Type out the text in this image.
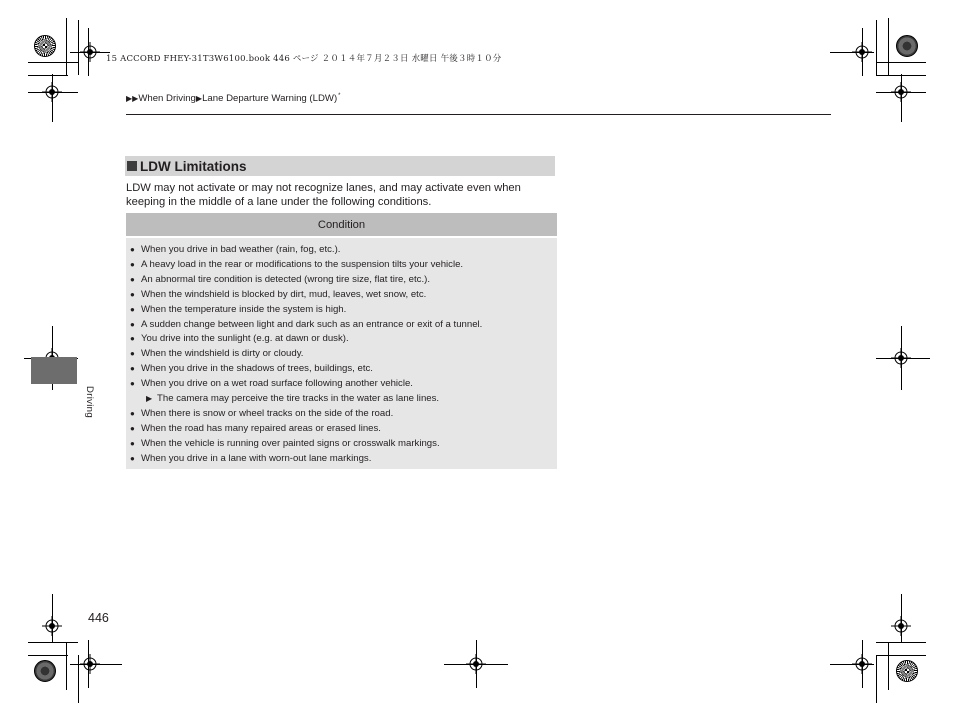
15 ACCORD FHEY-31T3W6100.book 446 ページ ２０１４年７月２３日 水曜日 午後３時１０分
▶▶When Driving▶Lane Departure Warning (LDW)*
LDW Limitations
LDW may not activate or may not recognize lanes, and may activate even when keeping in the middle of a lane under the following conditions.
Condition
● When you drive in bad weather (rain, fog, etc.).
● A heavy load in the rear or modifications to the suspension tilts your vehicle.
● An abnormal tire condition is detected (wrong tire size, flat tire, etc.).
● When the windshield is blocked by dirt, mud, leaves, wet snow, etc.
● When the temperature inside the system is high.
● A sudden change between light and dark such as an entrance or exit of a tunnel.
● You drive into the sunlight (e.g. at dawn or dusk).
● When the windshield is dirty or cloudy.
● When you drive in the shadows of trees, buildings, etc.
● When you drive on a wet road surface following another vehicle.
▶ The camera may perceive the tire tracks in the water as lane lines.
● When there is snow or wheel tracks on the side of the road.
● When the road has many repaired areas or erased lines.
● When the vehicle is running over painted signs or crosswalk markings.
● When you drive in a lane with worn-out lane markings.
Driving
446
